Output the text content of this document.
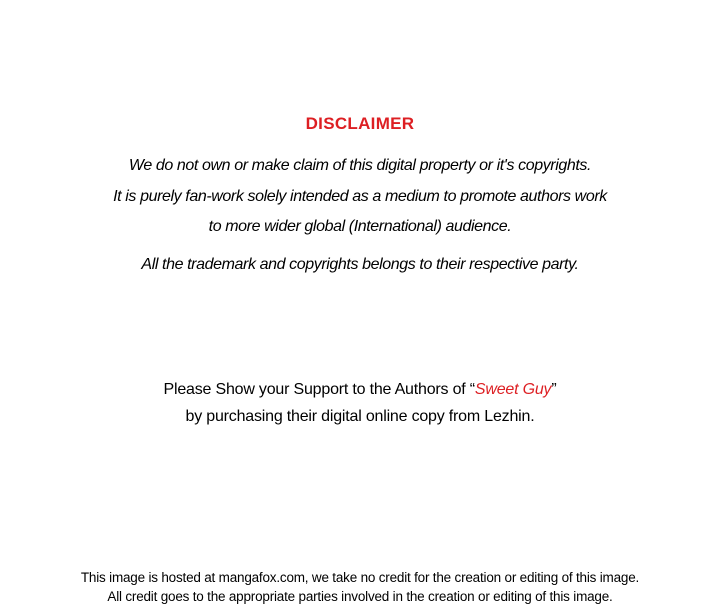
DISCLAIMER
We do not own or make claim of this digital property or it's copyrights.
It is purely fan-work solely intended as a medium to promote authors work
to more wider global (International) audience.
All the trademark and copyrights belongs to their respective party.
Please Show your Support to the Authors of “Sweet Guy”
by purchasing their digital online copy from Lezhin.
This image is hosted at mangafox.com, we take no credit for the creation or editing of this image.
All credit goes to the appropriate parties involved in the creation or editing of this image.
